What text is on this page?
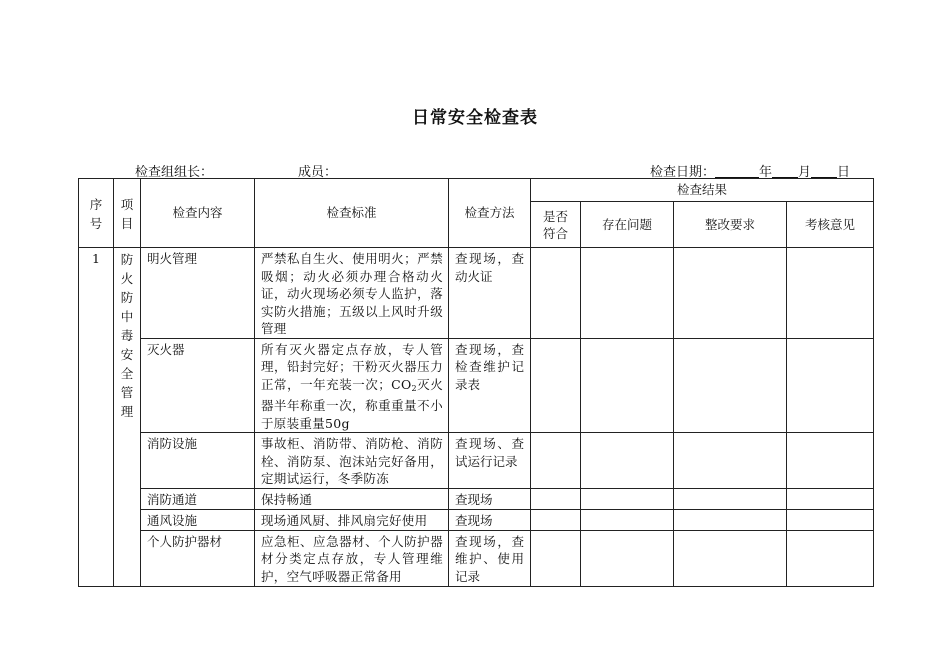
日常安全检查表
检查组组长：	成员：	检查日期：	年 月 日
序号	项目	检查内容	检查标准	检查方法	检查结果			

					是否符合	存在问题	整改要求	考核意见
1	防火防中毒安全管理	明火管理	严禁私自生火、使用明火；严禁吸烟；动火必须办理合格动火证，动火现场必须专人监护，落实防火措施；五级以上风时升级管理	查现场，查动火证				
		灭火器	所有灭火器定点存放，专人管理，铅封完好；干粉灭火器压力正常，一年充装一次；CO2灭火器半年称重一次，称重重量不小于原装重量50g	查现场，查检查维护记录表				
		消防设施	事故柜、消防带、消防枪、消防栓、消防泵、泡沫站完好备用，定期试运行，冬季防冻	查现场、查试运行记录				
		消防通道	保持畅通	查现场				
		通风设施	现场通风厨、排风扇完好使用	查现场				
		个人防护器材	应急柜、应急器材、个人防护器材分类定点存放，专人管理维护，空气呼吸器正常备用	查现场，查维护、使用记录				
